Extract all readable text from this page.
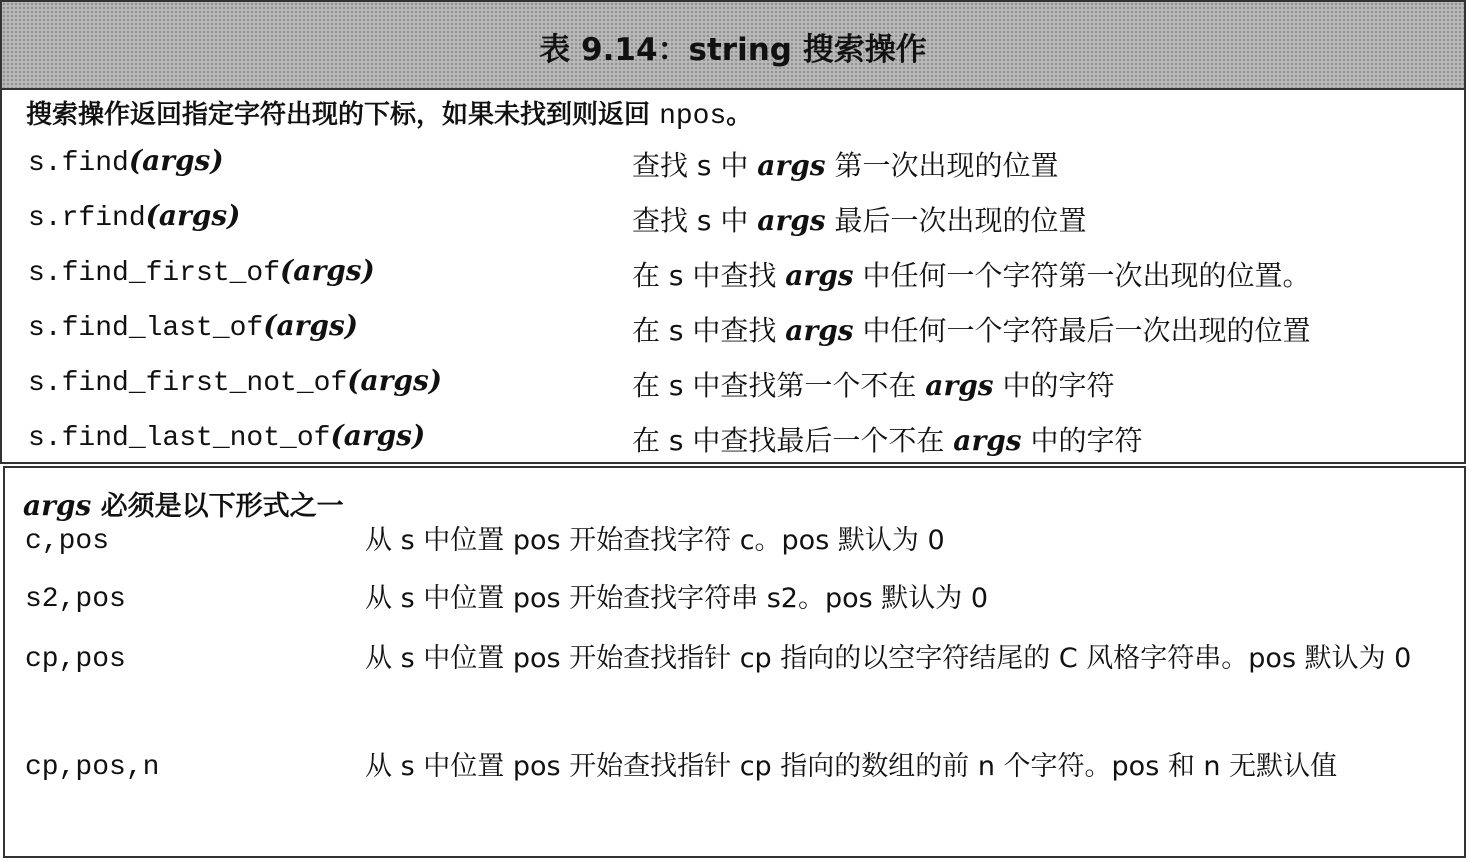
表 9.14：string 搜索操作
搜索操作返回指定字符出现的下标，如果未找到则返回 npos。
s.find(args)	查找 s 中 args 第一次出现的位置
s.rfind(args)	查找 s 中 args 最后一次出现的位置
s.find_first_of(args)	在 s 中查找 args 中任何一个字符第一次出现的位置。
s.find_last_of(args)	在 s 中查找 args 中任何一个字符最后一次出现的位置
s.find_first_not_of(args)	在 s 中查找第一个不在 args 中的字符
s.find_last_not_of(args)	在 s 中查找最后一个不在 args 中的字符
args 必须是以下形式之一
c,pos	从 s 中位置 pos 开始查找字符 c。pos 默认为 0
s2,pos	从 s 中位置 pos 开始查找字符串 s2。pos 默认为 0
cp,pos	从 s 中位置 pos 开始查找指针 cp 指向的以空字符结尾的 C 风格字符串。pos 默认为 0
cp,pos,n	从 s 中位置 pos 开始查找指针 cp 指向的数组的前 n 个字符。pos 和 n 无默认值
